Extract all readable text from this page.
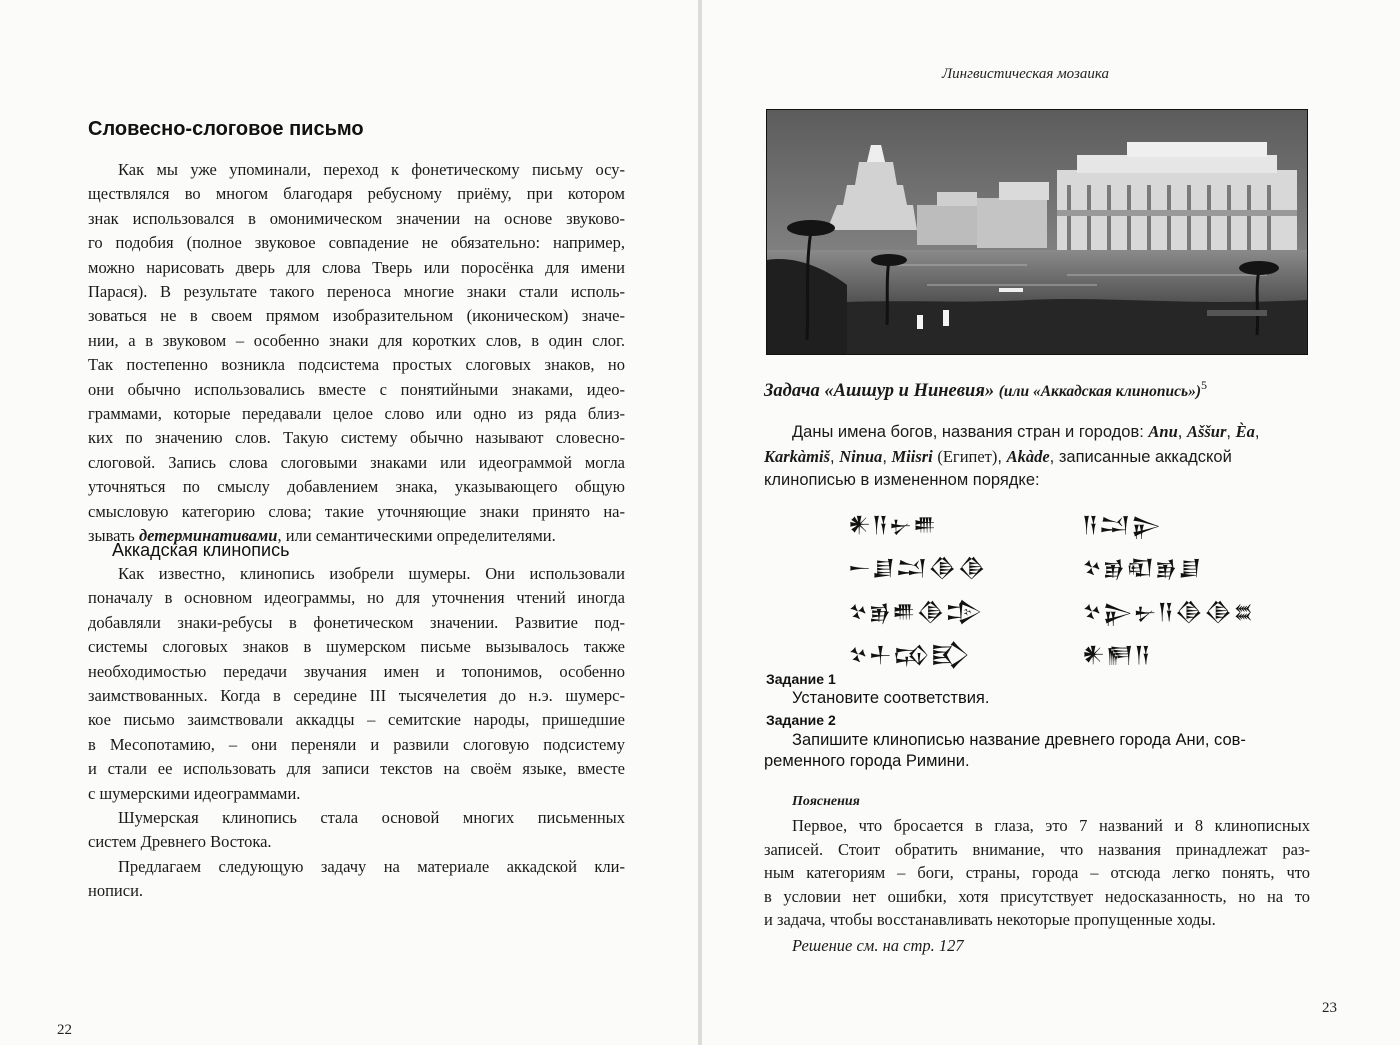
Словесно-слоговое письмо
Как мы уже упоминали, переход к фонетическому письму осу-
ществлялся во многом благодаря ребусному приёму, при котором
знак использовался в омонимическом значении на основе звуково-
го подобия (полное звуковое совпадение не обязательно: например,
можно нарисовать дверь для слова Тверь или поросёнка для имени
Парася). В результате такого переноса многие знаки стали исполь-
зоваться не в своем прямом изобразительном (иконическом) значе-
нии, а в звуковом – особенно знаки для коротких слов, в один слог.
Так постепенно возникла подсистема простых слоговых знаков, но
они обычно использовались вместе с понятийными знаками, идео-
граммами, которые передавали целое слово или одно из ряда близ-
ких по значению слов. Такую систему обычно называют словесно-
слоговой. Запись слова слоговыми знаками или идеограммой могла
уточняться по смыслу добавлением знака, указывающего общую
смысловую категорию слова; такие уточняющие знаки принято на-
зывать детерминативами, или семантическими определителями.
Аккадская клинопись
Как известно, клинопись изобрели шумеры. Они использовали
поначалу в основном идеограммы, но для уточнения чтений иногда
добавляли знаки-ребусы в фонетическом значении. Развитие под-
системы слоговых знаков в шумерском письме вызывалось также
необходимостью передачи звучания имен и топонимов, особенно
заимствованных. Когда в середине III тысячелетия до н.э. шумерс-
кое письмо заимствовали аккадцы – семитские народы, пришедшие
в Месопотамию, – они переняли и развили слоговую подсистему
и стали ее использовать для записи текстов на своём языке, вместе
с шумерскими идеограммами.
Шумерская клинопись стала основой многих письменных
систем Древнего Востока.
Предлагаем следующую задачу на материале аккадской кли-
нописи.
22
Лингвистическая мозаика
Задача «Ашшур и Ниневия» (или «Аккадская клинопись»)$^5$
Даны имена богов, названия стран и городов: Anu, Aššur, Èa,
Karkàmiš, Ninua, Miisri (Египет), Akàde, записанные аккадской
клинописью в измененном порядке:
𒀭𒀀𒉡𒌑
𒀸𒋗𒁺𒆠𒆠
𒆳𒂊𒌑𒆠𒄠
𒆳𒈦𒄘𒃼
𒀀𒁺𒉌
𒆳𒂊𒊏𒂊𒋗
𒆳𒉌𒉡𒀀𒆠𒆠𒊺
𒀭𒂍𒀀
Задание 1
Установите соответствия.
Задание 2
Запишите клинописью название древнего города Ани, сов-
ременного города Римини.
Пояснения
Первое, что бросается в глаза, это 7 названий и 8 клинописных
записей. Стоит обратить внимание, что названия принадлежат раз-
ным категориям – боги, страны, города – отсюда легко понять, что
в условии нет ошибки, хотя присутствует недосказанность, но на то
и задача, чтобы восстанавливать некоторые пропущенные ходы.
Решение см. на стр. 127
23
